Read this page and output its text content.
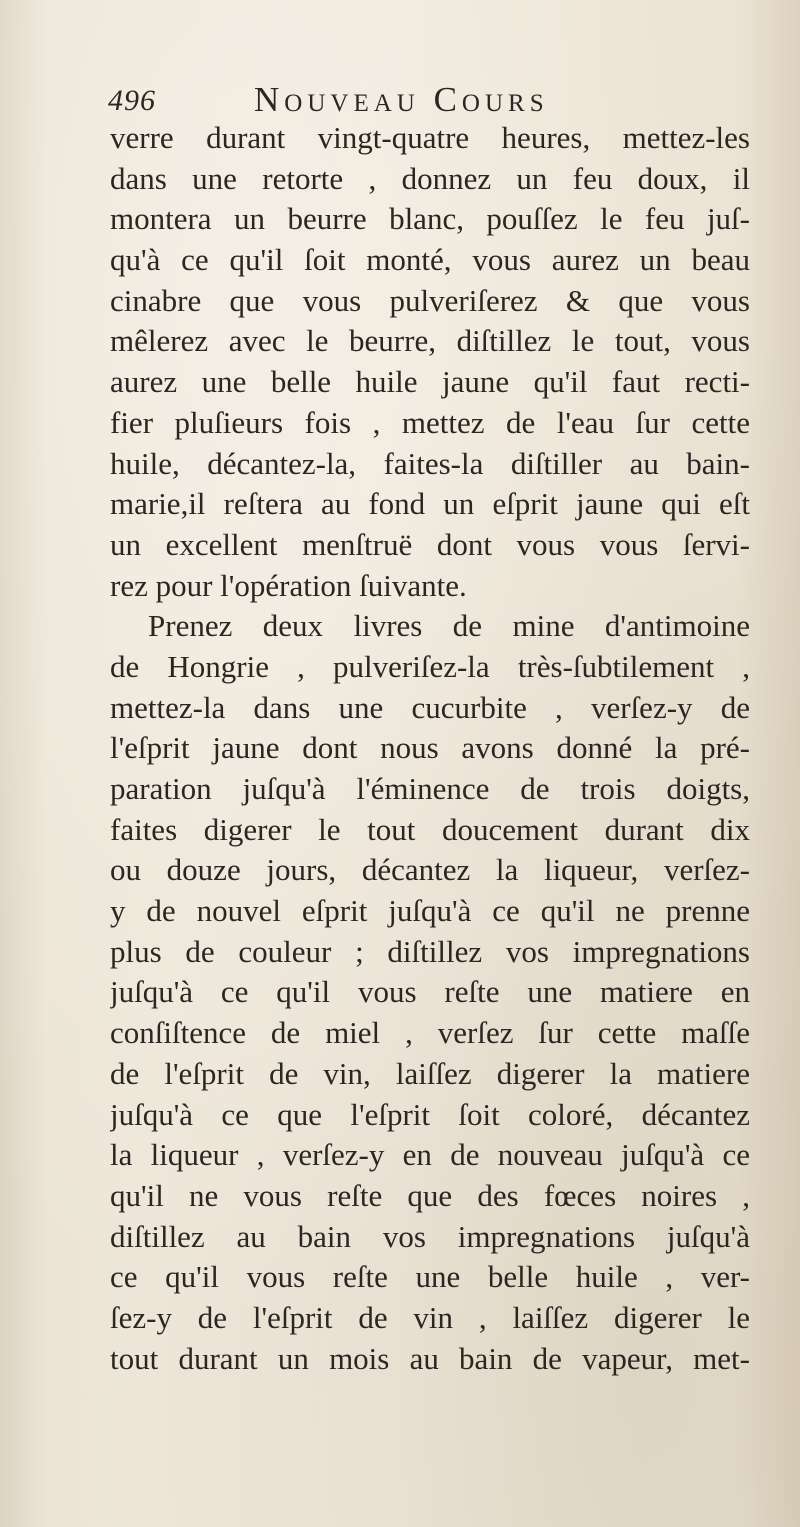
496	Nouveau Cours
verre durant vingt-quatre heures, mettez-les
dans une retorte , donnez un feu doux, il
montera un beurre blanc, pouſſez le feu juſ-
qu'à ce qu'il ſoit monté, vous aurez un beau
cinabre que vous pulveriſerez & que vous
mêlerez avec le beurre, diſtillez le tout, vous
aurez une belle huile jaune qu'il faut recti-
fier pluſieurs fois , mettez de l'eau ſur cette
huile, décantez-la, faites-la diſtiller au bain-
marie,il reſtera au fond un eſprit jaune qui eſt
un excellent menſtruë dont vous vous ſervi-
rez pour l'opération ſuivante.
Prenez deux livres de mine d'antimoine
de Hongrie , pulveriſez-la très-ſubtilement ,
mettez-la dans une cucurbite , verſez-y de
l'eſprit jaune dont nous avons donné la pré-
paration juſqu'à l'éminence de trois doigts,
faites digerer le tout doucement durant dix
ou douze jours, décantez la liqueur, verſez-
y de nouvel eſprit juſqu'à ce qu'il ne prenne
plus de couleur ; diſtillez vos impregnations
juſqu'à ce qu'il vous reſte une matiere en
conſiſtence de miel , verſez ſur cette maſſe
de l'eſprit de vin, laiſſez digerer la matiere
juſqu'à ce que l'eſprit ſoit coloré, décantez
la liqueur , verſez-y en de nouveau juſqu'à ce
qu'il ne vous reſte que des fœces noires ,
diſtillez au bain vos impregnations juſqu'à
ce qu'il vous reſte une belle huile , ver-
ſez-y de l'eſprit de vin , laiſſez digerer le
tout durant un mois au bain de vapeur, met-
